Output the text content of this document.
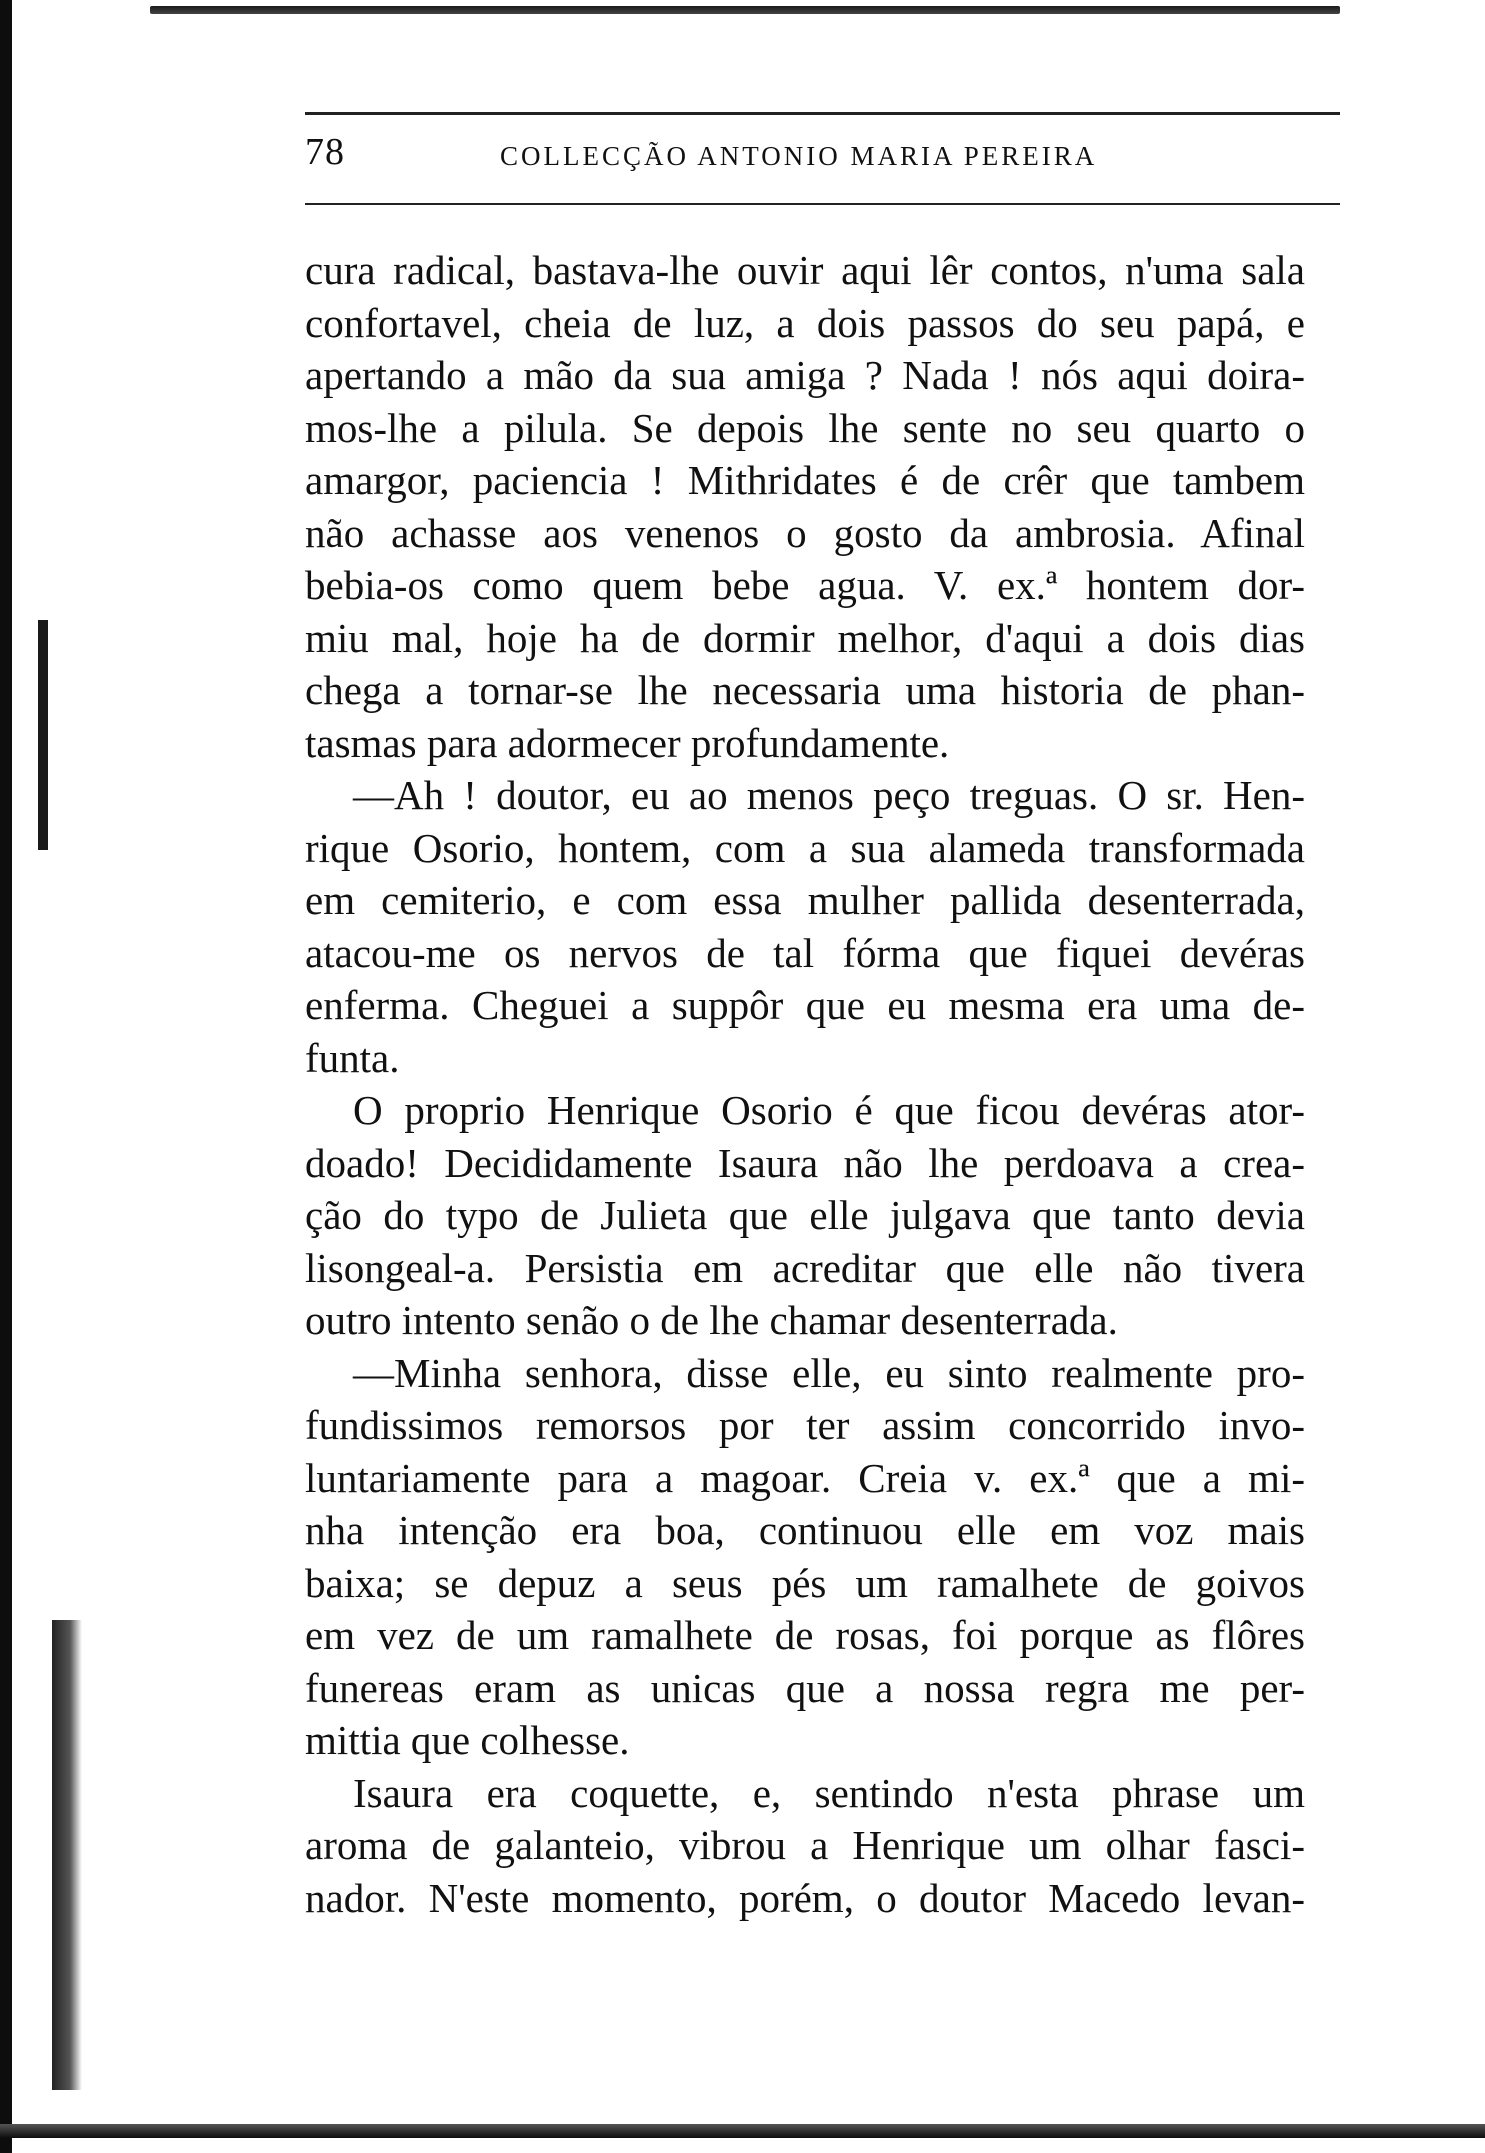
78	COLLECÇÃO ANTONIO MARIA PEREIRA
cura radical, bastava-lhe ouvir aqui lêr contos, n'uma sala
confortavel, cheia de luz, a dois passos do seu papá, e
apertando a mão da sua amiga ? Nada ! nós aqui doira-
mos-lhe a pilula. Se depois lhe sente no seu quarto o
amargor, paciencia ! Mithridates é de crêr que tambem
não achasse aos venenos o gosto da ambrosia. Afinal
bebia-os como quem bebe agua. V. ex.ª hontem dor-
miu mal, hoje ha de dormir melhor, d'aqui a dois dias
chega a tornar-se lhe necessaria uma historia de phan-
tasmas para adormecer profundamente.
—Ah ! doutor, eu ao menos peço treguas. O sr. Hen-
rique Osorio, hontem, com a sua alameda transformada
em cemiterio, e com essa mulher pallida desenterrada,
atacou-me os nervos de tal fórma que fiquei devéras
enferma. Cheguei a suppôr que eu mesma era uma de-
funta.
O proprio Henrique Osorio é que ficou devéras ator-
doado! Decididamente Isaura não lhe perdoava a crea-
ção do typo de Julieta que elle julgava que tanto devia
lisongeal-a. Persistia em acreditar que elle não tivera
outro intento senão o de lhe chamar desenterrada.
—Minha senhora, disse elle, eu sinto realmente pro-
fundissimos remorsos por ter assim concorrido invo-
luntariamente para a magoar. Creia v. ex.ª que a mi-
nha intenção era boa, continuou elle em voz mais
baixa; se depuz a seus pés um ramalhete de goivos
em vez de um ramalhete de rosas, foi porque as flôres
funereas eram as unicas que a nossa regra me per-
mittia que colhesse.
Isaura era coquette, e, sentindo n'esta phrase um
aroma de galanteio, vibrou a Henrique um olhar fasci-
nador. N'este momento, porém, o doutor Macedo levan-
